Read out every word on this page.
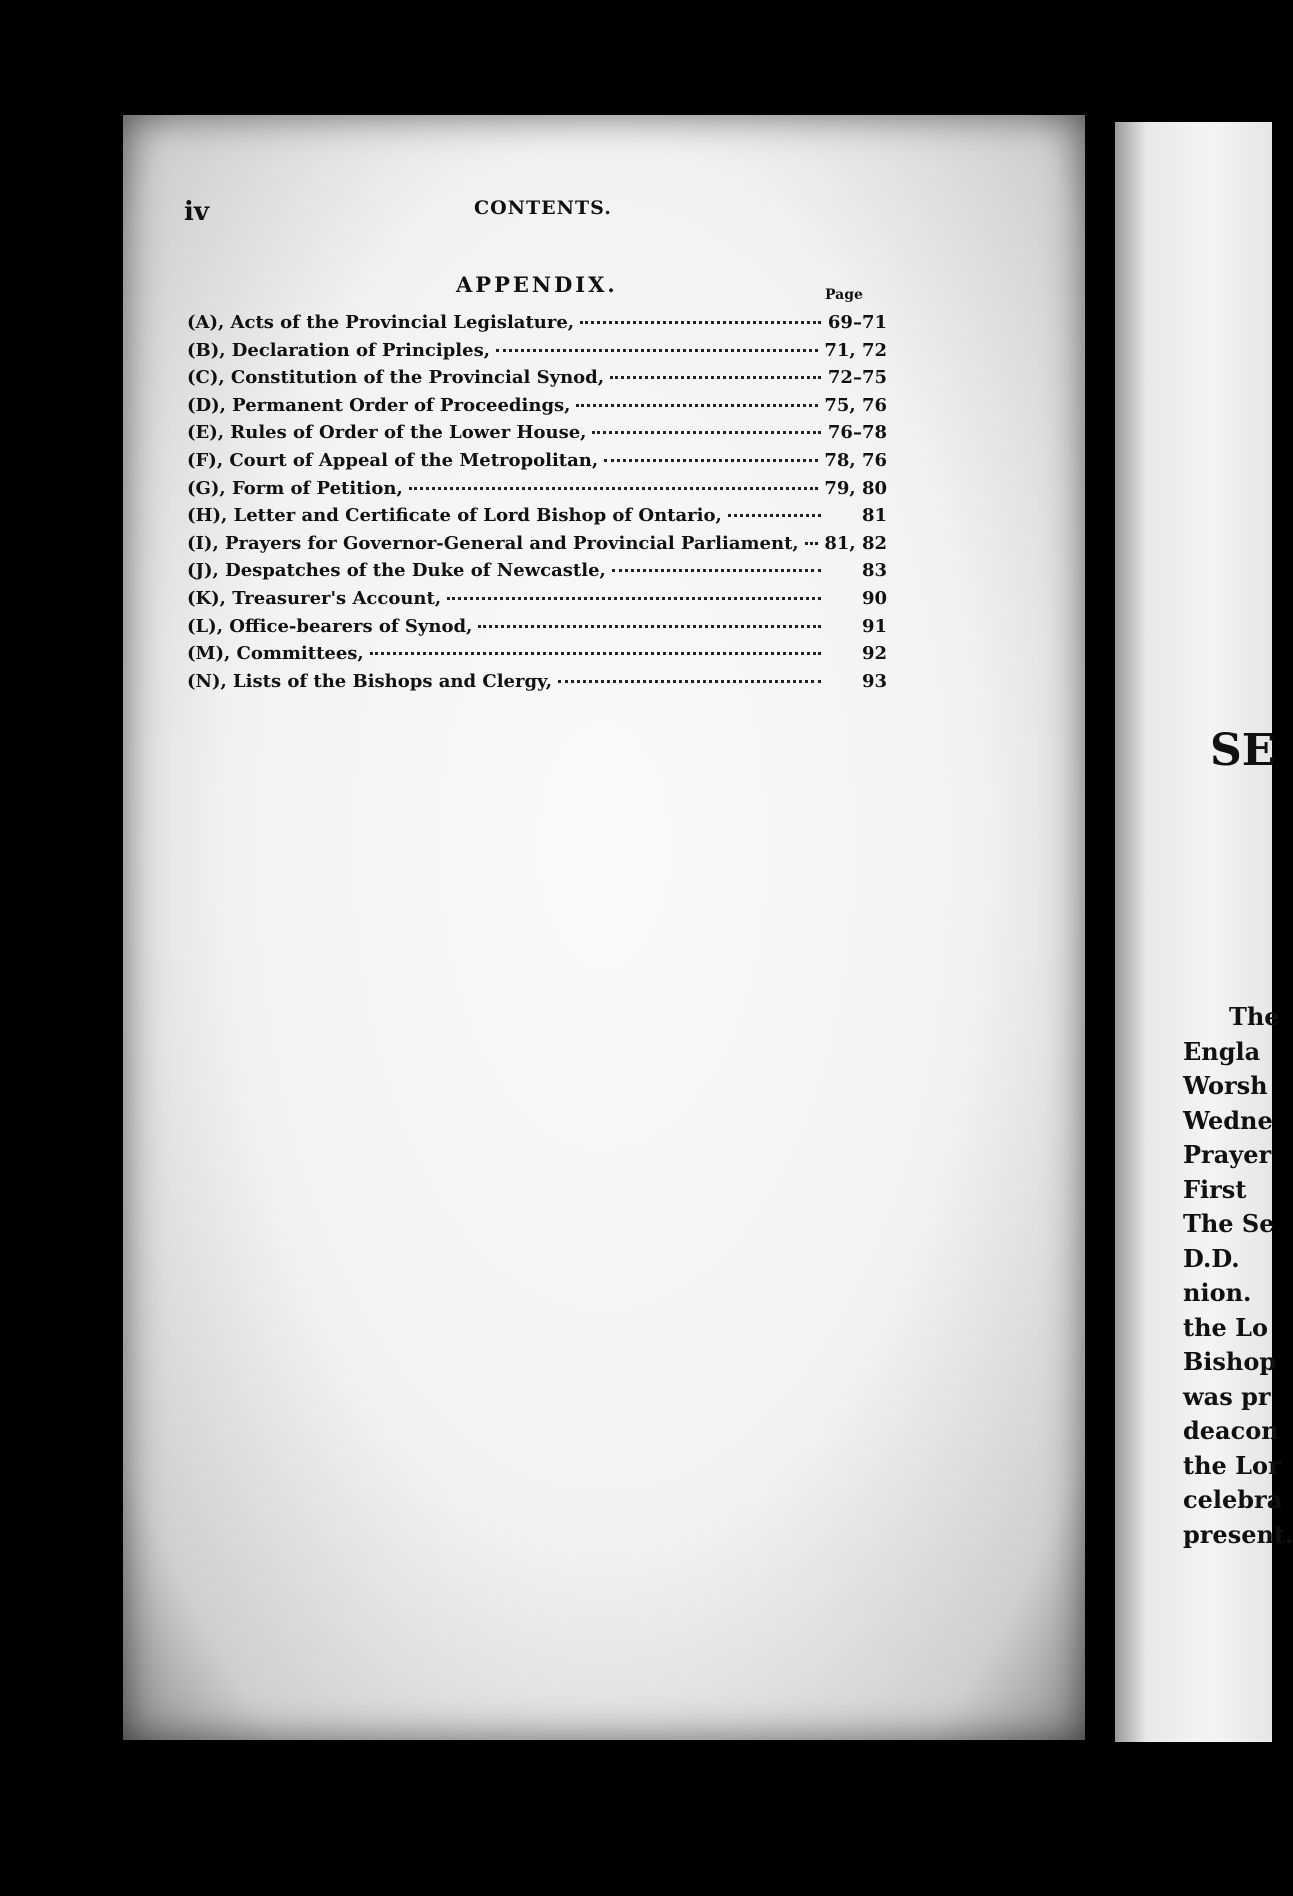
iv	CONTENTS.
APPENDIX.	Page
(A), Acts of the Provincial Legislature,	69–71
(B), Declaration of Principles,	71, 72
(C), Constitution of the Provincial Synod,	72–75
(D), Permanent Order of Proceedings,	75, 76
(E), Rules of Order of the Lower House,	76–78
(F), Court of Appeal of the Metropolitan,	78, 76
(G), Form of Petition,	79, 80
(H), Letter and Certificate of Lord Bishop of Ontario,	81
(I), Prayers for Governor-General and Provincial Parliament, 81, 82
(J), Despatches of the Duke of Newcastle,	83
(K), Treasurer's Account,	90
(L), Office-bearers of Synod,	91
(M), Committees,	92
(N), Lists of the Bishops and Clergy,	93
SE
The
Engla
Worsh
Wedne
Prayer
First
The Se
D.D.
nion.
the Lo
Bishop
was pr
deacon
the Lor
celebra
present.
